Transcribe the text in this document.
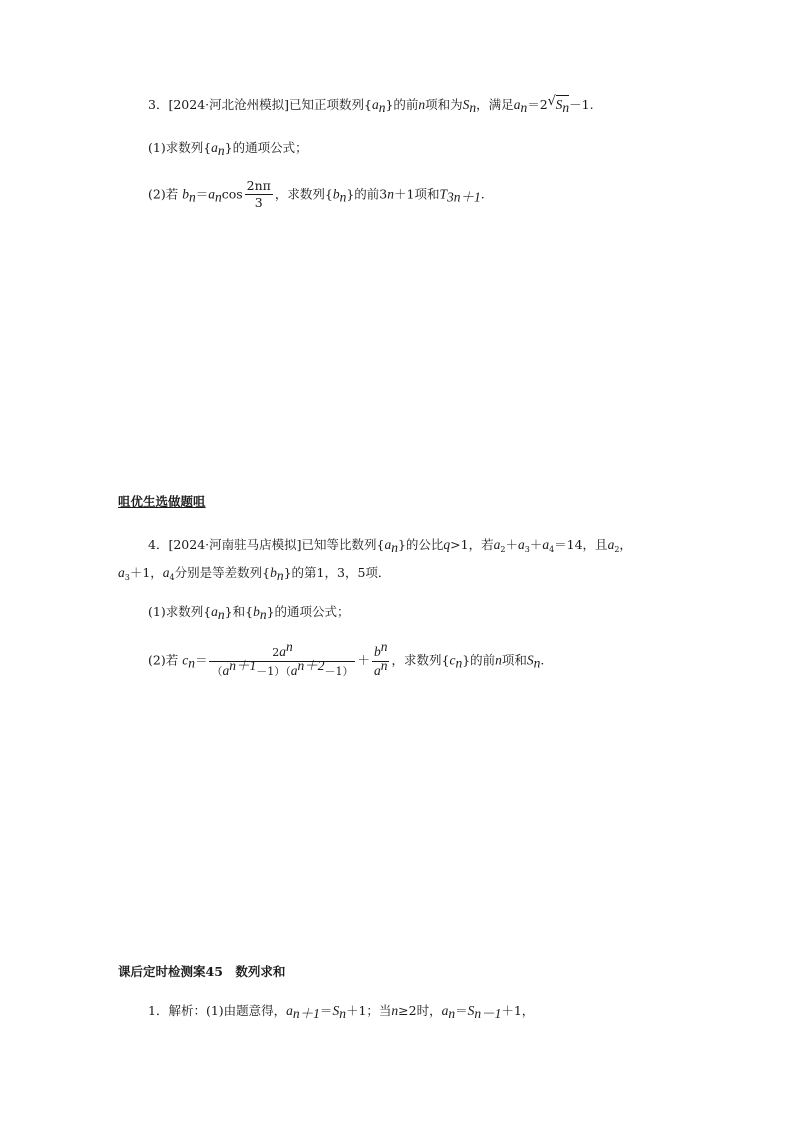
3．[2024·河北沧州模拟]已知正项数列$\{a_n\}$的前n项和为$S_n$，满足$a_n=2$ √ $S_n-1$.
(1)求数列$\{a_n\}$的通项公式；
(2)若 $b_n=a_n\cos \frac{2n\pi}{3}$ ，求数列$\{b_n\}$的前3n＋1项和$T_{3n+1}$.
咀优生选做题咀
4．[2024·河南驻马店模拟]已知等比数列$\{a_n\}$的公比q>1，若$a_2+a_3+a_4=14$，且$a_2$，
$a_3+1$，$a_4$分别是等差数列$\{b_n\}$的第1，3，5项．
(1)求数列$\{a_n\}$和$\{b_n\}$的通项公式；
(2)若 $c_n= \frac{2a^n}{(a^{n+1}-1)(a^{n+2}-1)} + \frac{b^n}{a^n}$ ，求数列$\{c_n\}$的前n项和$S_n$.
课后定时检测案45　数列求和
1．解析：(1)由题意得，$a_{n+1}=S_n+1$；当n≥2时，$a_n=S_{n-1}+1$，
